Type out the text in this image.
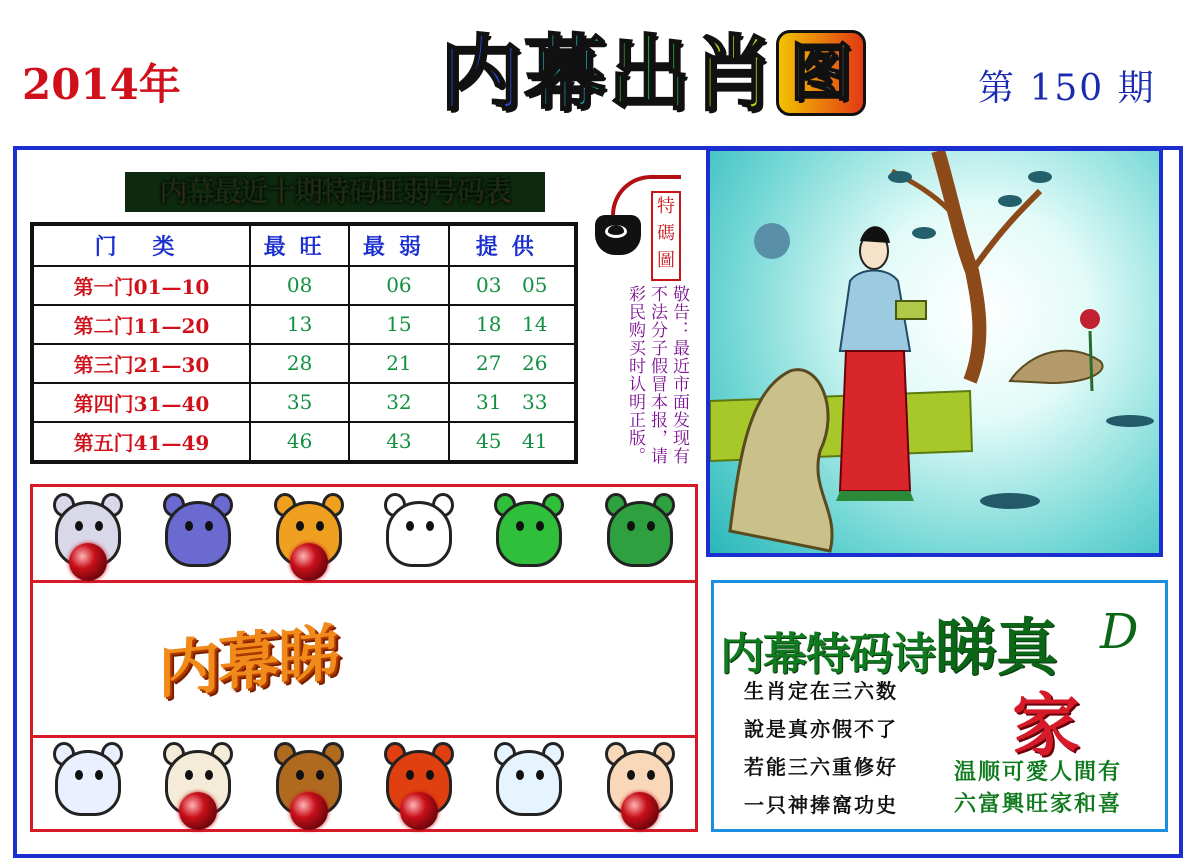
2014年	内 幕 出 肖 图	第 150 期
内幕最近十期特码旺弱号码表	特碼圖
门 类	最旺	最弱	提供
第一门01—10	08	06	03 05
第二门11—20	13	15	18 14
第三门21—30	28	21	27 26
第四门31—40	35	32	31 33
第五门41—49	46	43	45 41	敬告：最近市面发现有不法分子假冒本报，请彩民购买时认明正版。
内幕睇	内幕特码诗睇真 D
家
生肖定在三六数
說是真亦假不了
若能三六重修好
一只神捧窩功史
温顺可愛人間有
六富興旺家和喜
